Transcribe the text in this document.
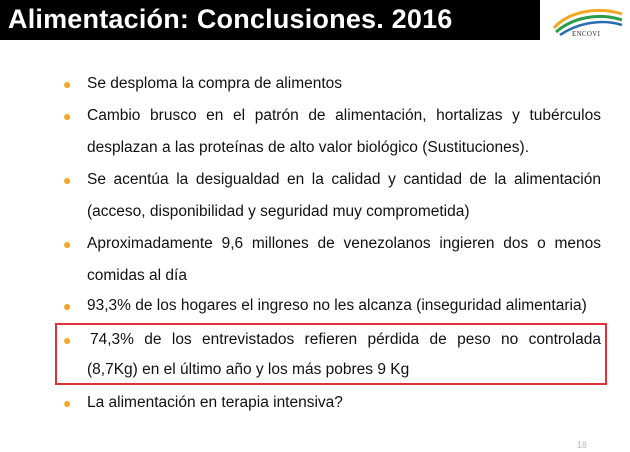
Alimentación: Conclusiones. 2016	ENCOVI
● Se desploma la compra de alimentos
● Cambio brusco en el patrón de alimentación, hortalizas y tubérculos
desplazan a las proteínas de alto valor biológico (Sustituciones).
● Se acentúa la desigualdad en la calidad y cantidad de la alimentación
(acceso, disponibilidad y seguridad muy comprometida)
● Aproximadamente 9,6 millones de venezolanos ingieren dos o menos
comidas al día
● 93,3% de los hogares el ingreso no les alcanza (inseguridad alimentaria)
● 74,3% de los entrevistados refieren pérdida de peso no controlada
(8,7Kg) en el último año y los más pobres 9 Kg
● La alimentación en terapia intensiva?
18
